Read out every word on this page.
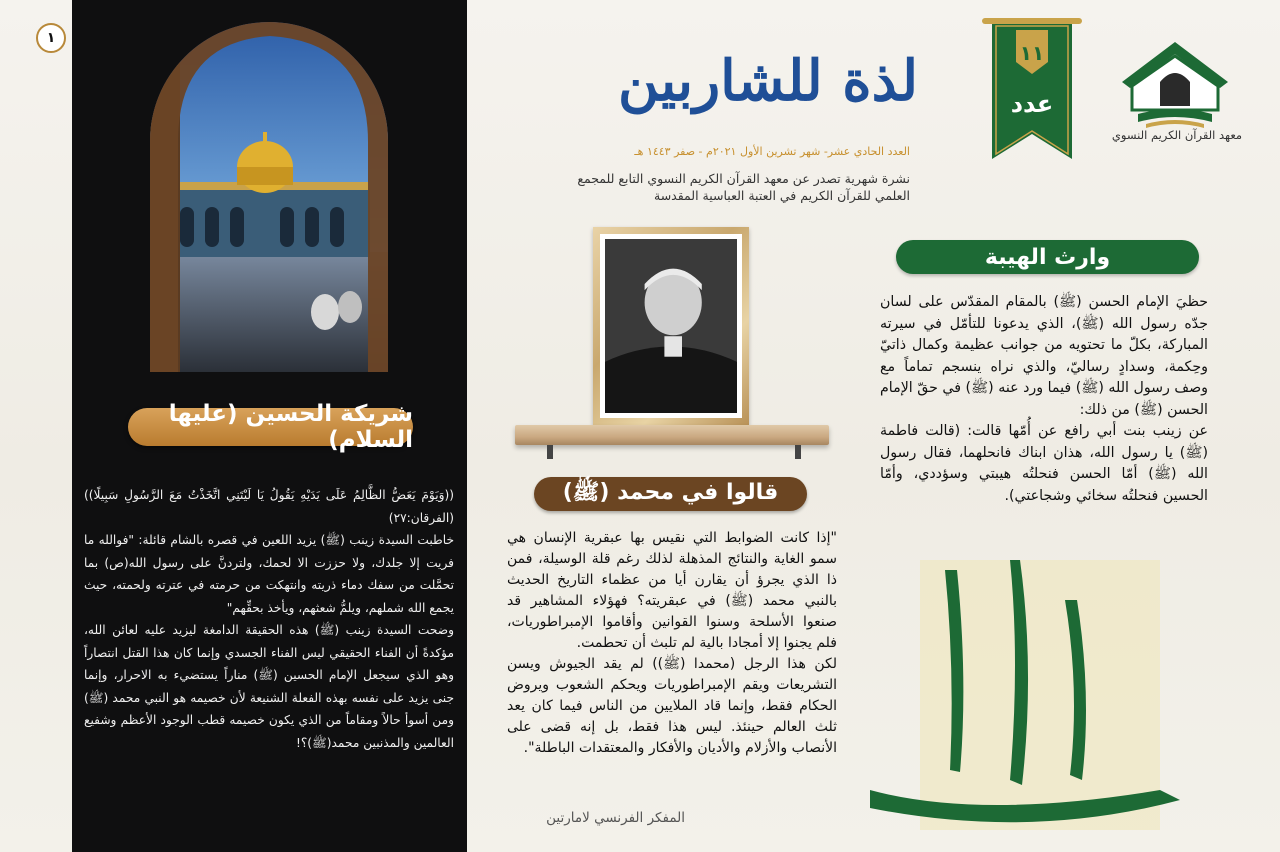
١
شريكة الحسين (عليها السلام)

((وَيَوْمَ يَعَضُّ الظَّالِمُ عَلَى يَدَيْهِ يَقُولُ يَا لَيْتَنِي اتَّخَذْتُ مَعَ الرَّسُولِ سَبِيلًا)) (الفرقان:٢٧)

خاطبت السيدة زينب (ﷺ) يزيد اللعين في قصره بالشام قائلة: "فوالله ما فريت إلا جلدك، ولا حززت الا لحمك، ولتردنَّ على رسول الله(ص) بما تحمَّلت من سفك دماء ذريته وانتهكت من حرمته في عترته ولحمته، حيث يجمع الله شملهم، ويلمُّ شعثهم، ويأخذ بحقِّهم"

وضحت السيدة زينب (ﷺ) هذه الحقيقة الدامغة ليزيد عليه لعائن الله، مؤكدةً أن الفناء الحقيقي ليس الفناء الجسدي وإنما كان هذا القتل انتصاراً وهو الذي سيجعل الإمام الحسين (ﷺ) مناراً يستضيء به الاحرار، وإنما جنى يزيد على نفسه بهذه الفعلة الشنيعة لأن خصيمه هو النبي محمد (ﷺ) ومن أسوأ حالاً ومقاماً من الذي يكون خصيمه قطب الوجود الأعظم وشفيع العالمين والمذنبين محمد(ﷺ)؟!

لذة للشاربين
العدد الحادي عشر- شهر تشرين الأول ٢٠٢١م - صفر ١٤٤٣ هـ
نشرة شهرية تصدر عن معهد القرآن الكريم النسوي التابع للمجمع العلمي للقرآن الكريم في العتبة العباسية المقدسة
١١
عدد
معهد القرآن الكريم النسوي
وارث الهيبة

حظيَ الإمام الحسن (ﷺ) بالمقام المقدّس على لسان جدّه رسول الله (ﷺ)، الذي يدعونا للتأمّل في سيرته المباركة، بكلّ ما تحتويه من جوانب عظيمة وكمال ذاتيّ وحِكمة، وسدادٍ رساليّ، والذي نراه ينسجم تماماً مع وصف رسول الله (ﷺ) فيما ورد عنه (ﷺ) في حقّ الإمام الحسن (ﷺ) من ذلك:

عن زينب بنت أبي رافع عن أُمّها قالت: (قالت فاطمة (ﷺ) يا رسول الله، هذان ابناك فانحلهما، فقال رسول الله (ﷺ) أمّا الحسن فنحلتُه هيبتي وسؤددي، وأمّا الحسين فنحلتُه سخائي وشجاعتي).

قالوا في محمد (ﷺ)

"إذا كانت الضوابط التي نقيس بها عبقرية الإنسان هي سمو الغاية والنتائج المذهلة لذلك رغم قلة الوسيلة، فمن ذا الذي يجرؤ أن يقارن أيا من عظماء التاريخ الحديث بالنبي محمد (ﷺ) في عبقريته؟ فهؤلاء المشاهير قد صنعوا الأسلحة وسنوا القوانين وأقاموا الإمبراطوريات، فلم يجنوا إلا أمجادا بالية لم تلبث أن تحطمت.

لكن هذا الرجل (محمدا (ﷺ)) لم يقد الجيوش ويسن التشريعات ويقم الإمبراطوريات ويحكم الشعوب ويروض الحكام فقط، وإنما قاد الملايين من الناس فيما كان يعد ثلث العالم حينئذ. ليس هذا فقط، بل إنه قضى على الأنصاب والأزلام والأديان والأفكار والمعتقدات الباطلة".

المفكر الفرنسي لامارتين
